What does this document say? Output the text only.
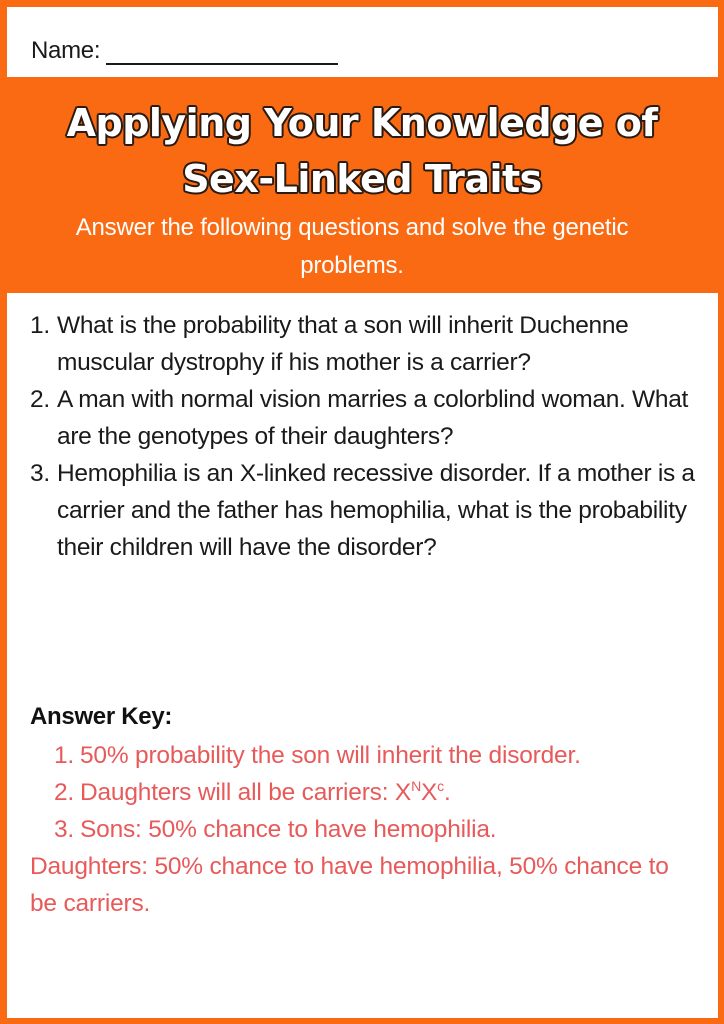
Name:
Applying Your Knowledge of
Sex-Linked Traits
Answer the following questions and solve the genetic problems.
1. What is the probability that a son will inherit Duchenne muscular dystrophy if his mother is a carrier?
2. A man with normal vision marries a colorblind woman. What are the genotypes of their daughters?
3. Hemophilia is an X-linked recessive disorder. If a mother is a carrier and the father has hemophilia, what is the probability their children will have the disorder?
Answer Key:
1. 50% probability the son will inherit the disorder.
2. Daughters will all be carriers: $X^NX^c$.
3. Sons: 50% chance to have hemophilia.
Daughters: 50% chance to have hemophilia, 50% chance to be carriers.
